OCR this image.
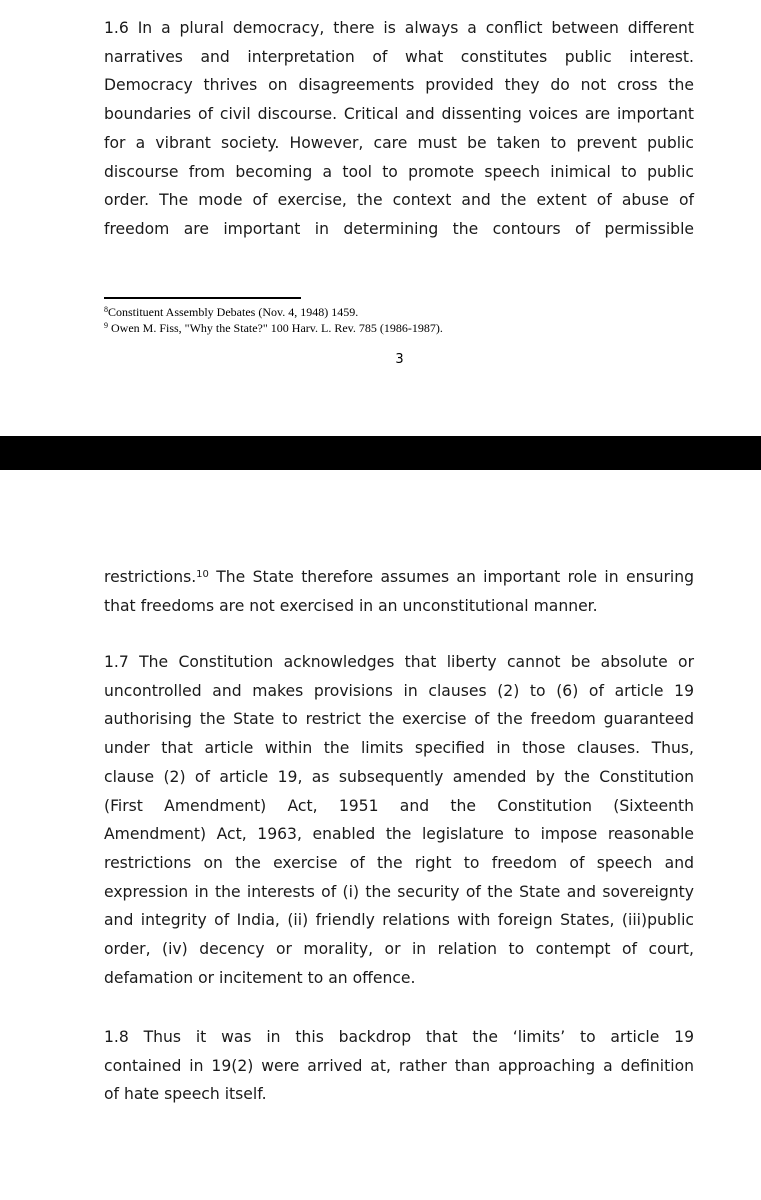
1.6 In a plural democracy, there is always a conflict between different
narratives and interpretation of what constitutes public interest.
Democracy thrives on disagreements provided they do not cross the
boundaries of civil discourse. Critical and dissenting voices are important
for a vibrant society. However, care must be taken to prevent public
discourse from becoming a tool to promote speech inimical to public
order. The mode of exercise, the context and the extent of abuse of
freedom are important in determining the contours of permissible

$^8$Constituent Assembly Debates (Nov. 4, 1948) 1459.

$^9$ Owen M. Fiss, "Why the State?" 100 Harv. L. Rev. 785 (1986-1987).

3
restrictions.$^{10}$ The State therefore assumes an important role in ensuring
that freedoms are not exercised in an unconstitutional manner.
1.7 The Constitution acknowledges that liberty cannot be absolute or
uncontrolled and makes provisions in clauses (2) to (6) of article 19
authorising the State to restrict the exercise of the freedom guaranteed
under that article within the limits specified in those clauses. Thus,
clause (2) of article 19, as subsequently amended by the Constitution
(First Amendment) Act, 1951 and the Constitution (Sixteenth
Amendment) Act, 1963, enabled the legislature to impose reasonable
restrictions on the exercise of the right to freedom of speech and
expression in the interests of (i) the security of the State and sovereignty
and integrity of India, (ii) friendly relations with foreign States, (iii)public
order, (iv) decency or morality, or in relation to contempt of court,
defamation or incitement to an offence.
1.8 Thus it was in this backdrop that the ‘limits’ to article 19
contained in 19(2) were arrived at, rather than approaching a definition
of hate speech itself.
